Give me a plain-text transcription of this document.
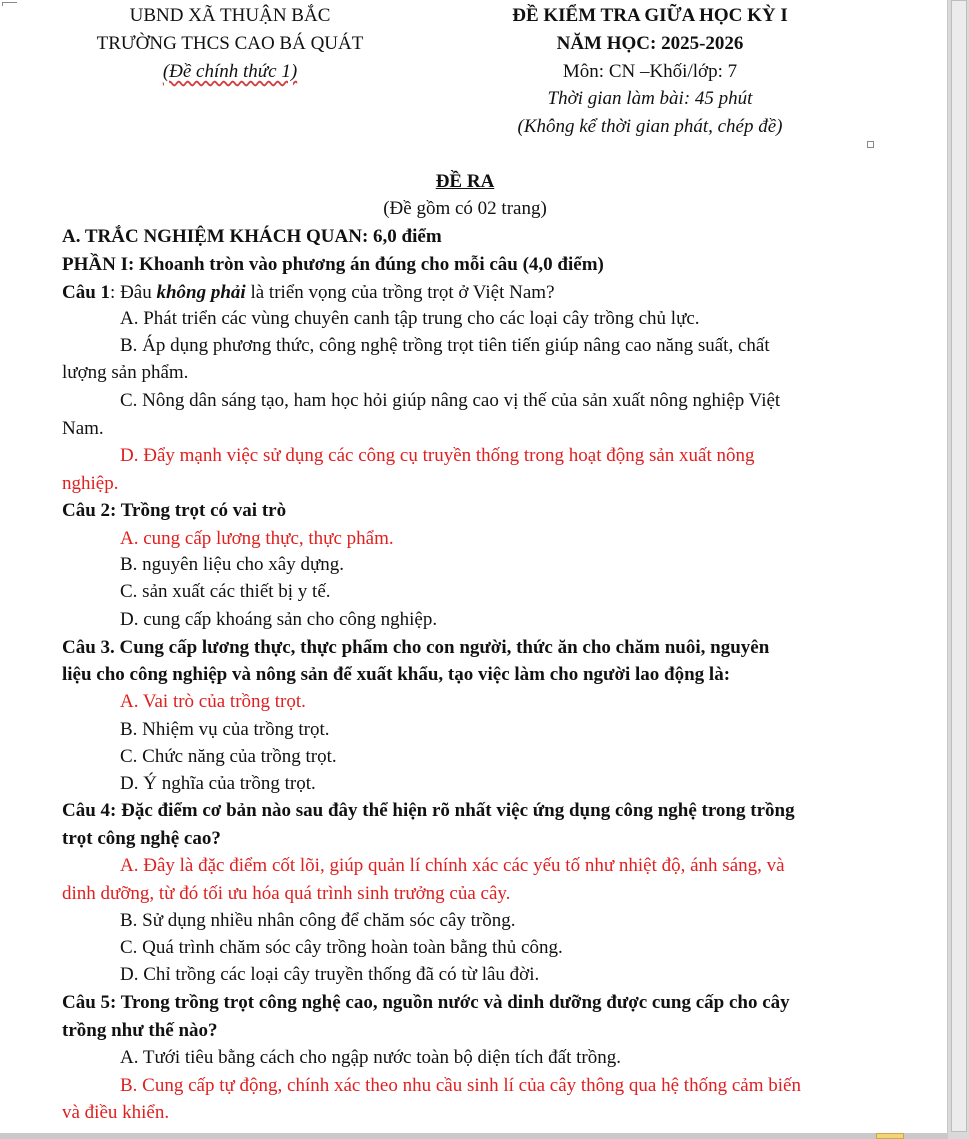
UBND XÃ THUẬN BẮC
TRƯỜNG THCS CAO BÁ QUÁT
(Đề chính thức 1)
ĐỀ KIỂM TRA GIỮA HỌC KỲ I
NĂM HỌC: 2025-2026
Môn: CN –Khối/lớp: 7
Thời gian làm bài: 45 phút
(Không kể thời gian phát, chép đề)
ĐỀ RA
(Đề gồm có 02 trang)
A. TRẮC NGHIỆM KHÁCH QUAN: 6,0 điểm
PHẦN I: Khoanh tròn vào phương án đúng cho mỗi câu (4,0 điểm)
Câu 1: Đâu không phải là triển vọng của trồng trọt ở Việt Nam?
A. Phát triển các vùng chuyên canh tập trung cho các loại cây trồng chủ lực.
B. Áp dụng phương thức, công nghệ trồng trọt tiên tiến giúp nâng cao năng suất, chất
lượng sản phẩm.
C. Nông dân sáng tạo, ham học hỏi giúp nâng cao vị thế của sản xuất nông nghiệp Việt
Nam.
D. Đẩy mạnh việc sử dụng các công cụ truyền thống trong hoạt động sản xuất nông
nghiệp.
Câu 2: Trồng trọt có vai trò
A. cung cấp lương thực, thực phẩm.
B. nguyên liệu cho xây dựng.
C. sản xuất các thiết bị y tế.
D. cung cấp khoáng sản cho công nghiệp.
Câu 3. Cung cấp lương thực, thực phẩm cho con người, thức ăn cho chăm nuôi, nguyên
liệu cho công nghiệp và nông sản để xuất khẩu, tạo việc làm cho người lao động là:
A. Vai trò của trồng trọt.
B. Nhiệm vụ của trồng trọt.
C. Chức năng của trồng trọt.
D. Ý nghĩa của trồng trọt.
Câu 4: Đặc điểm cơ bản nào sau đây thể hiện rõ nhất việc ứng dụng công nghệ trong trồng
trọt công nghệ cao?
A. Đây là đặc điểm cốt lõi, giúp quản lí chính xác các yếu tố như nhiệt độ, ánh sáng, và
dinh dưỡng, từ đó tối ưu hóa quá trình sinh trưởng của cây.
B. Sử dụng nhiều nhân công để chăm sóc cây trồng.
C. Quá trình chăm sóc cây trồng hoàn toàn bằng thủ công.
D. Chỉ trồng các loại cây truyền thống đã có từ lâu đời.
Câu 5: Trong trồng trọt công nghệ cao, nguồn nước và dinh dưỡng được cung cấp cho cây
trồng như thế nào?
A. Tưới tiêu bằng cách cho ngập nước toàn bộ diện tích đất trồng.
B. Cung cấp tự động, chính xác theo nhu cầu sinh lí của cây thông qua hệ thống cảm biến
và điều khiển.
